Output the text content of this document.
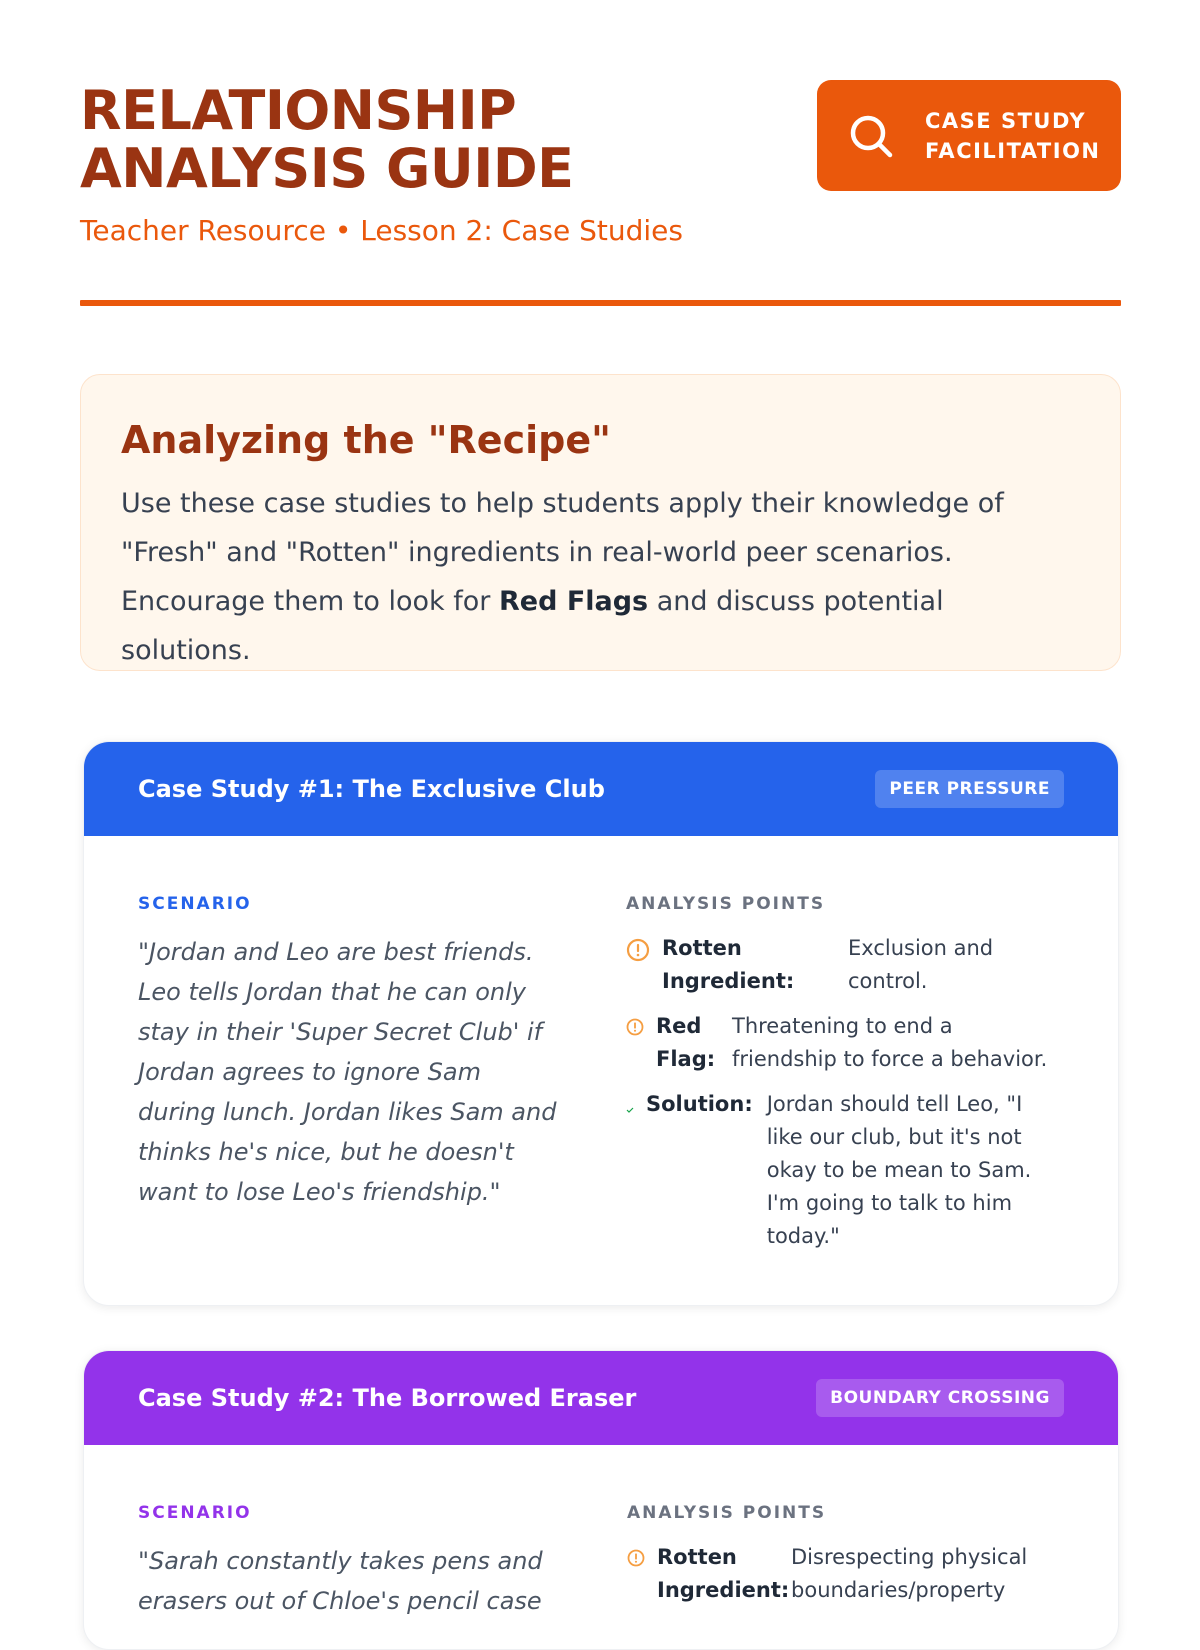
RELATIONSHIP ANALYSIS GUIDE
Teacher Resource • Lesson 2: Case Studies
CASE STUDY FACILITATION
Analyzing the "Recipe"

Use these case studies to help students apply their knowledge of "Fresh" and "Rotten" ingredients in real-world peer scenarios. Encourage them to look for Red Flags and discuss potential solutions.

Case Study #1: The Exclusive Club	PEER PRESSURE
SCENARIO

"Jordan and Leo are best friends. Leo tells Jordan that he can only stay in their 'Super Secret Club' if Jordan agrees to ignore Sam during lunch. Jordan likes Sam and thinks he's nice, but he doesn't want to lose Leo's friendship."

ANALYSIS POINTS
Rotten Ingredient:
Exclusion and control.
Red Flag:
Threatening to end a friendship to force a behavior.
Solution: Jordan should tell Leo, "I like our club, but it's not okay to be mean to Sam. I'm going to talk to him today."
Case Study #2: The Borrowed Eraser	BOUNDARY CROSSING
SCENARIO

"Sarah constantly takes pens and erasers out of Chloe's pencil case

ANALYSIS POINTS
Rotten Ingredient:
Disrespecting physical boundaries/property
